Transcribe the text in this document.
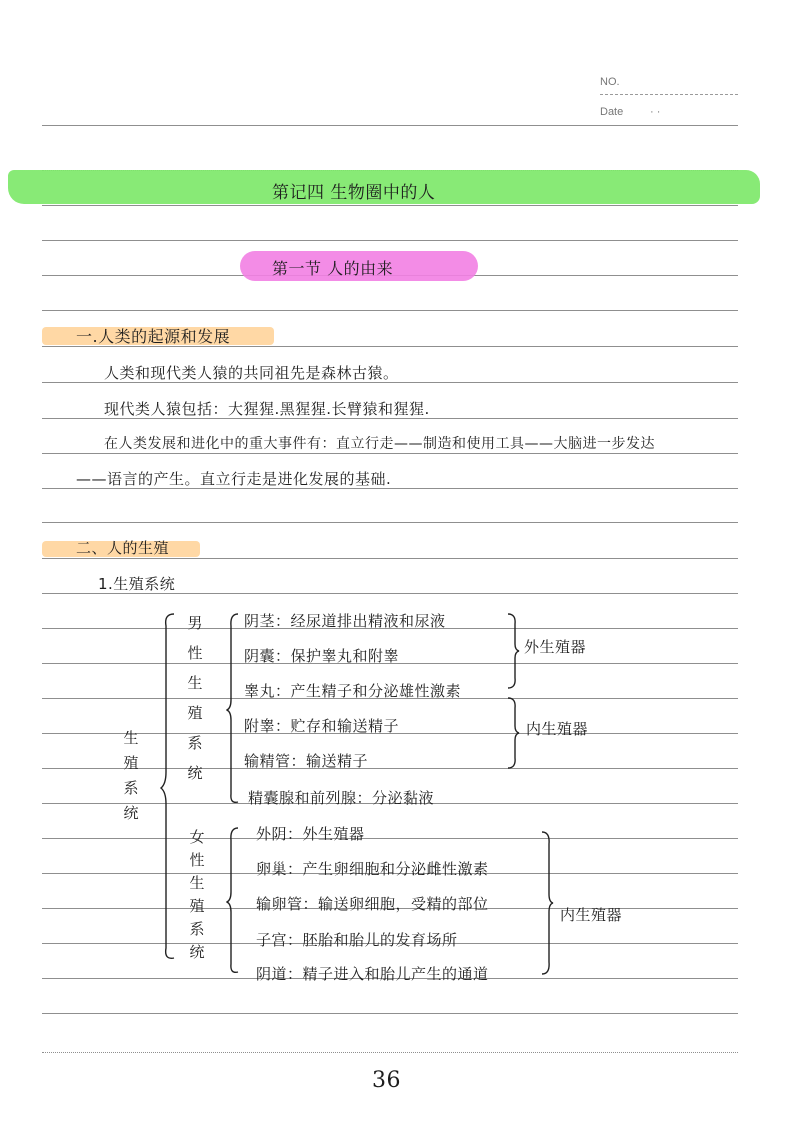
NO.
Date · ·
第记四 生物圈中的人
第一节 人的由来
一.人类的起源和发展
人类和现代类人猿的共同祖先是森林古猿。
现代类人猿包括：大猩猩.黑猩猩.长臂猿和猩猩.
在人类发展和进化中的重大事件有：直立行走——制造和使用工具——大脑进一步发达
——语言的产生。直立行走是进化发展的基础.
二、人的生殖
1.生殖系统
生殖系统
男性生殖系统
阴茎：经尿道排出精液和尿液
阴囊：保护睾丸和附睾
睾丸：产生精子和分泌雄性激素
附睾：贮存和输送精子
输精管：输送精子
精囊腺和前列腺：分泌黏液
外生殖器
内生殖器
女性生殖系统
外阴：外生殖器
卵巢：产生卵细胞和分泌雌性激素
输卵管：输送卵细胞，受精的部位
子宫：胚胎和胎儿的发育场所
阴道：精子进入和胎儿产生的通道
内生殖器
36
